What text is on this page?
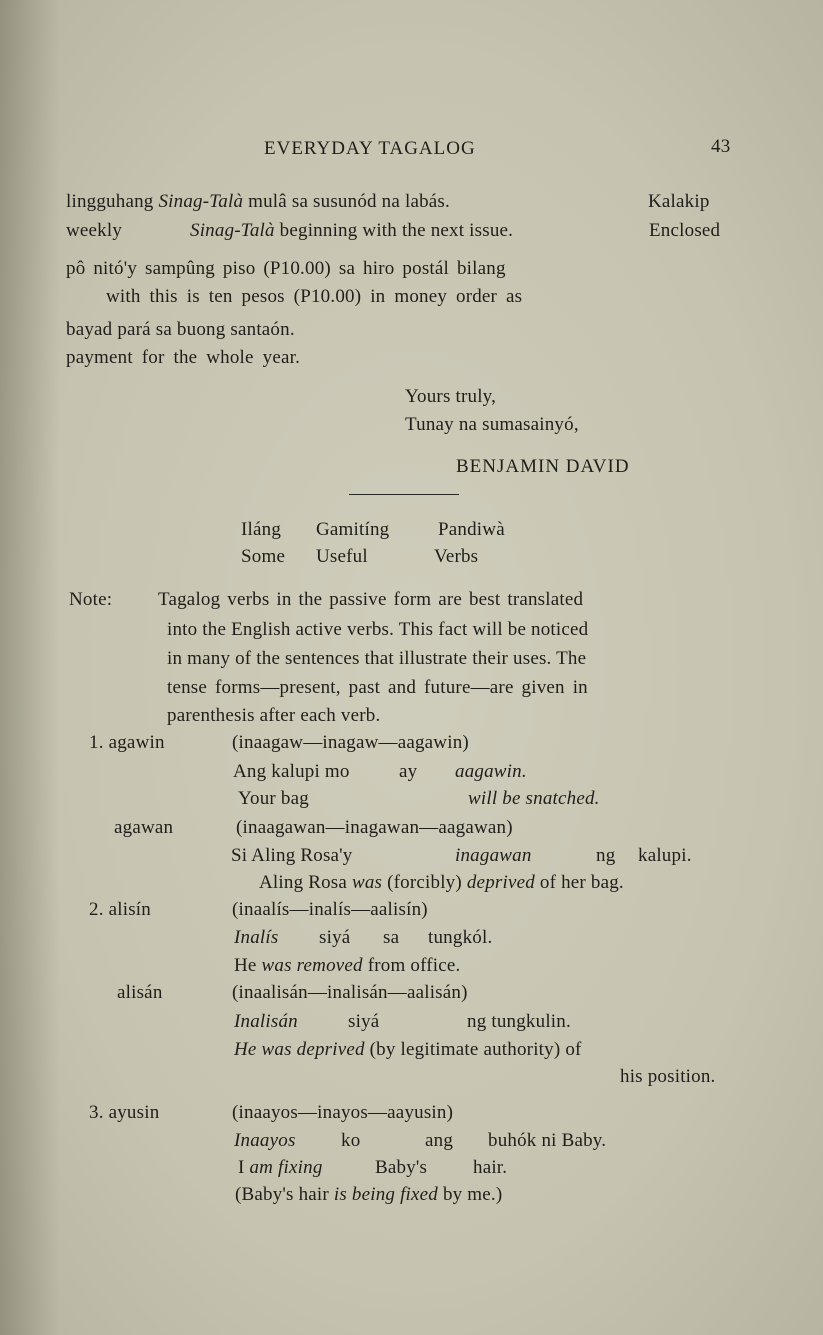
EVERYDAY TAGALOG	43
lingguhang Sinag-Talà mulâ sa susunód na labás.	Kalakip
weekly	Sinag-Talà beginning with the next issue.	Enclosed
pô nitó'y sampûng piso (P10.00) sa hiro postál bilang
with this is ten pesos (P10.00) in money order as
bayad pará sa buong santaón.
payment for the whole year.
Yours truly,
Tunay na sumasainyó,
BENJAMIN DAVID
Iláng Gamitíng	Pandiwà
Some Useful	Verbs
Note: Tagalog verbs in the passive form are best translated
into the English active verbs. This fact will be noticed
in many of the sentences that illustrate their uses. The
tense forms—present, past and future—are given in
parenthesis after each verb.
1. agawin	(inaagaw—inagaw—aagawin)
Ang kalupi mo	ay aagawin.
Your bag	will be snatched.
agawan	(inaagawan—inagawan—aagawan)
Si Aling Rosa'y	inagawan	ng kalupi.
Aling Rosa was (forcibly) deprived of her bag.
2. alisín	(inaalís—inalís—aalisín)
Inalís siyá sa tungkól.
He was removed from office.
alisán	(inaalisán—inalisán—aalisán)
Inalisán	siyá	ng tungkulin.
He was deprived (by legitimate authority) of
his position.
3. ayusin	(inaayos—inayos—aayusin)
Inaayos ko	ang buhók ni Baby.
I am fixing	Baby's hair.
(Baby's hair is being fixed by me.)
